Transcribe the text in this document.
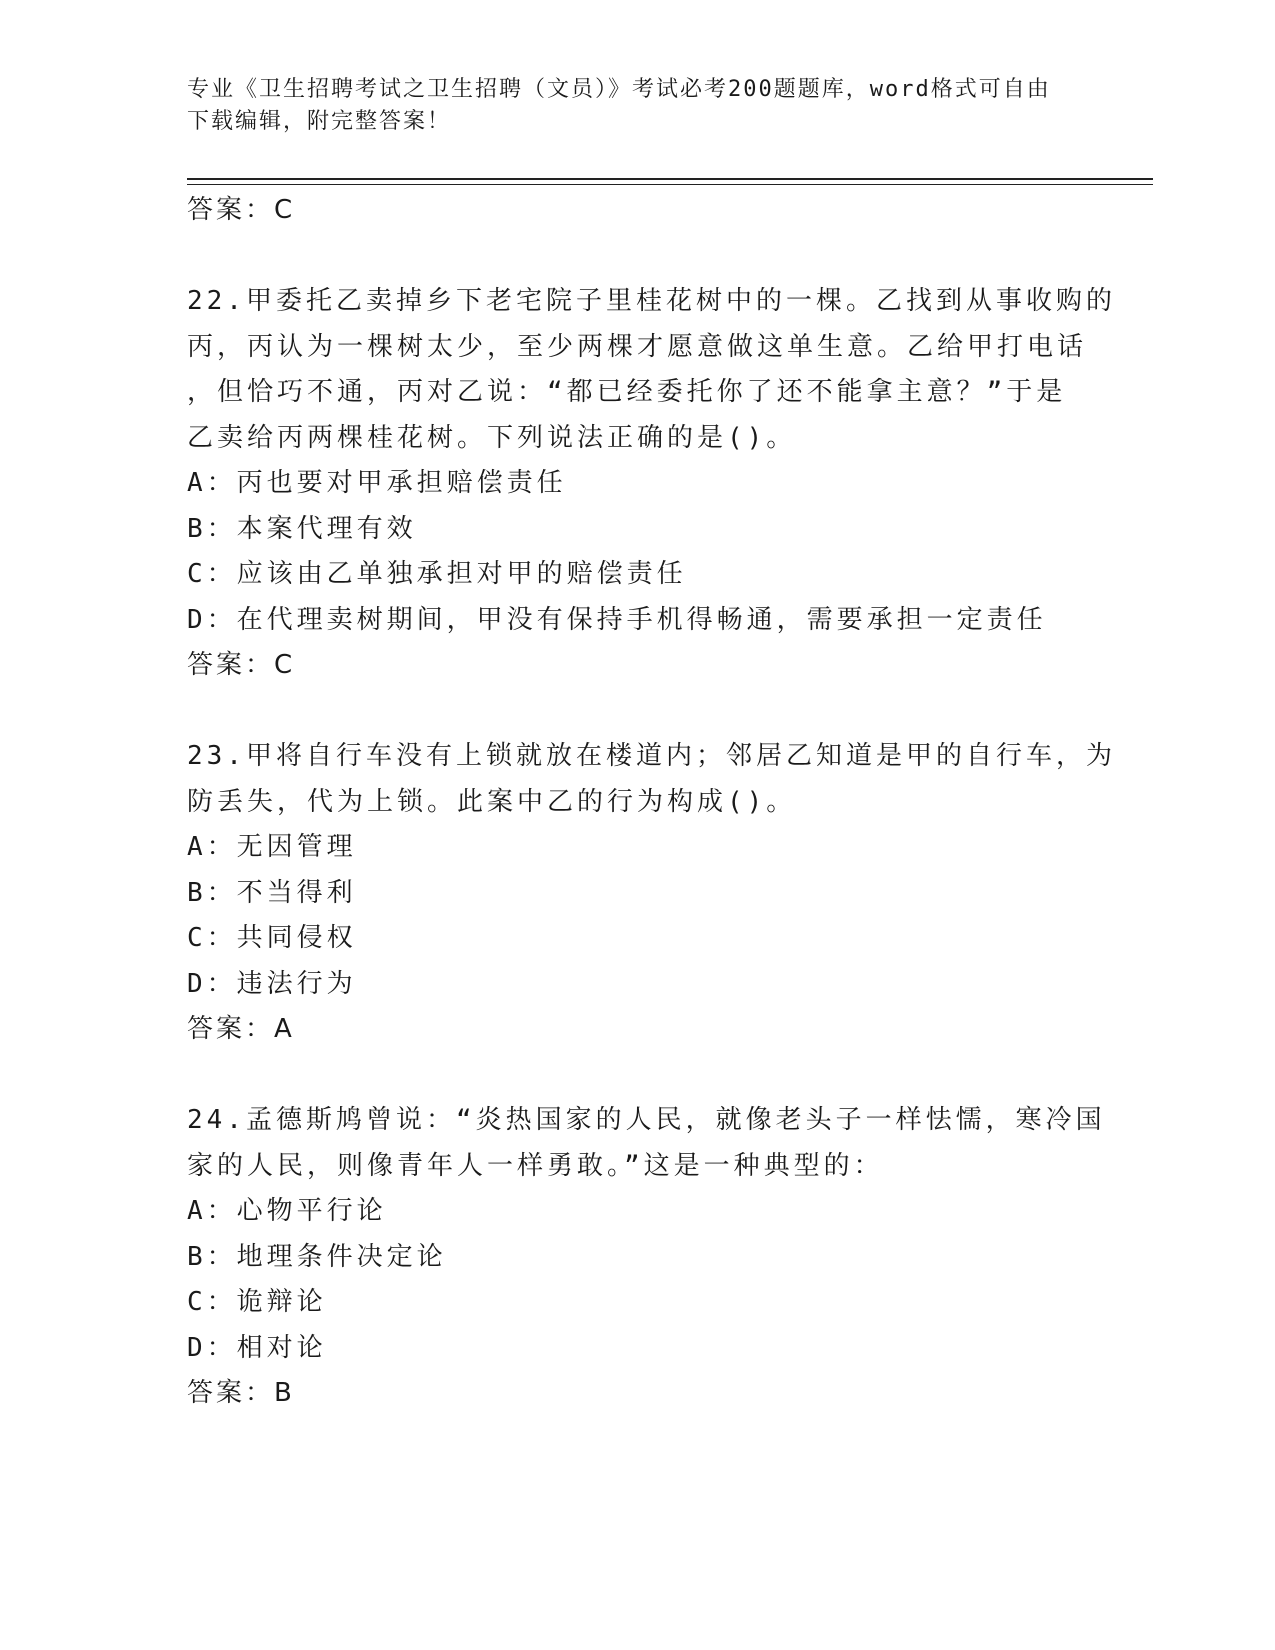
专业《卫生招聘考试之卫生招聘（文员）》考试必考200题题库，word格式可自由下载编辑，附完整答案！
答案：C
22.甲委托乙卖掉乡下老宅院子里桂花树中的一棵。乙找到从事收购的
丙，丙认为一棵树太少，至少两棵才愿意做这单生意。乙给甲打电话
，但恰巧不通，丙对乙说：“都已经委托你了还不能拿主意？”于是
乙卖给丙两棵桂花树。下列说法正确的是()。
A：丙也要对甲承担赔偿责任
B：本案代理有效
C：应该由乙单独承担对甲的赔偿责任
D：在代理卖树期间，甲没有保持手机得畅通，需要承担一定责任
答案：C
23.甲将自行车没有上锁就放在楼道内；邻居乙知道是甲的自行车，为
防丢失，代为上锁。此案中乙的行为构成()。
A：无因管理
B：不当得利
C：共同侵权
D：违法行为
答案：A
24.孟德斯鸠曾说：“炎热国家的人民，就像老头子一样怯懦，寒冷国
家的人民，则像青年人一样勇敢。”这是一种典型的：
A：心物平行论
B：地理条件决定论
C：诡辩论
D：相对论
答案：B
